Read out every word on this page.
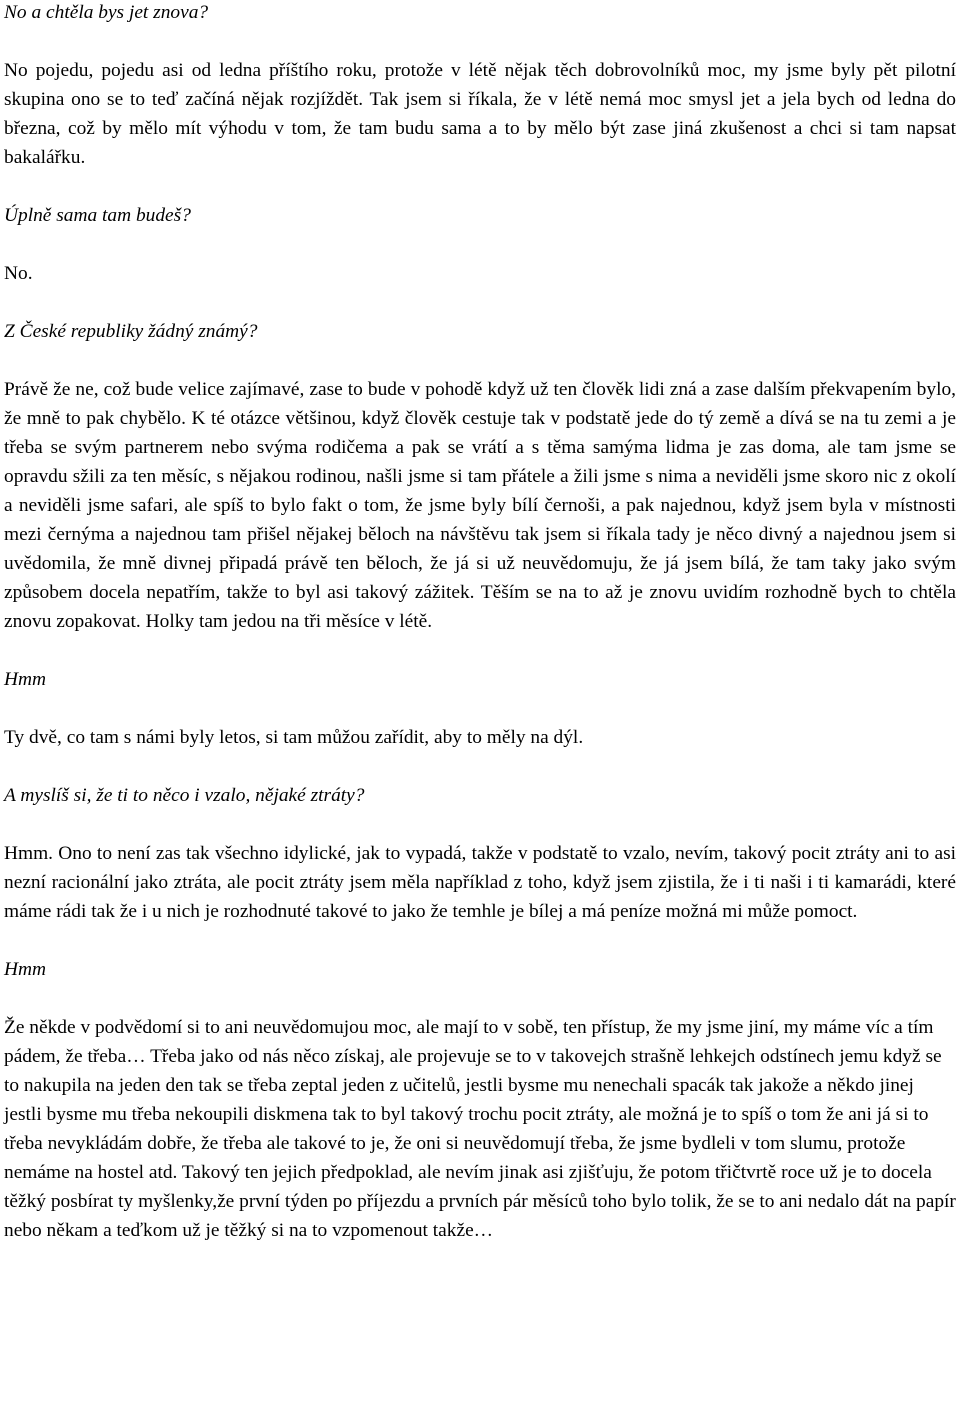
No a chtěla bys jet znova?

No pojedu, pojedu asi od ledna příštího roku, protože v létě nějak těch dobrovolníků moc, my jsme byly pět pilotní skupina ono se to teď začíná nějak rozjíždět. Tak jsem si říkala, že v létě nemá moc smysl jet a jela bych od ledna do března, což by mělo mít výhodu v tom, že tam budu sama a to by mělo být zase jiná zkušenost a chci si tam napsat bakalářku.

Úplně sama tam budeš?

No.

Z České republiky žádný známý?

Právě že ne, což bude velice zajímavé, zase to bude v pohodě když už ten člověk lidi zná a zase dalším překvapením bylo, že mně to pak chybělo. K té otázce většinou, když člověk cestuje tak v podstatě jede do tý země a dívá se na tu zemi a je třeba se svým partnerem nebo svýma rodičema a pak se vrátí a s těma samýma lidma je zas doma, ale tam jsme se opravdu sžili za ten měsíc, s nějakou rodinou, našli jsme si tam přátele a žili jsme s nima a neviděli jsme skoro nic z okolí a neviděli jsme safari, ale spíš to bylo fakt o tom, že jsme byly bílí černoši, a pak najednou, když jsem byla v místnosti mezi černýma a najednou tam přišel nějakej běloch na návštěvu tak jsem si říkala tady je něco divný a najednou jsem si uvědomila, že mně divnej připadá právě ten běloch, že já si už neuvědomuju, že já jsem bílá, že tam taky jako svým způsobem docela nepatřím, takže to byl asi takový zážitek. Těším se na to až je znovu uvidím rozhodně bych to chtěla znovu zopakovat. Holky tam jedou na tři měsíce v létě.

Hmm

Ty dvě, co tam s námi byly letos, si tam můžou zařídit, aby to měly na dýl.

A myslíš si, že ti to něco i vzalo, nějaké ztráty?

Hmm. Ono to není zas tak všechno idylické, jak to vypadá, takže v podstatě to vzalo, nevím, takový pocit ztráty ani to asi nezní racionální jako ztráta, ale pocit ztráty jsem měla například z toho, když jsem zjistila, že i ti naši i ti kamarádi, které máme rádi tak že i u nich je rozhodnuté takové to jako že temhle je bílej a má peníze možná mi může pomoct.

Hmm

Že někde v podvědomí si to ani neuvědomujou moc, ale mají to v sobě, ten přístup, že my jsme jiní, my máme víc a tím pádem, že třeba… Třeba jako od nás něco získaj, ale projevuje se to v takovejch strašně lehkejch odstínech jemu když se to nakupila na jeden den tak se třeba zeptal jeden z učitelů, jestli bysme mu nenechali spacák tak jakože a někdo jinej jestli bysme mu třeba nekoupili diskmena tak to byl takový trochu pocit ztráty, ale možná je to spíš o tom že ani já si to třeba nevykládám dobře, že třeba ale takové to je, že oni si neuvědomují třeba, že jsme bydleli v tom slumu, protože nemáme na hostel atd. Takový ten jejich předpoklad, ale nevím jinak asi zjišťuju, že potom třičtvrtě roce už je to docela těžký posbírat ty myšlenky,že první týden po příjezdu a prvních pár měsíců toho bylo tolik, že se to ani nedalo dát na papír nebo někam a teďkom už je těžký si na to vzpomenout takže…
